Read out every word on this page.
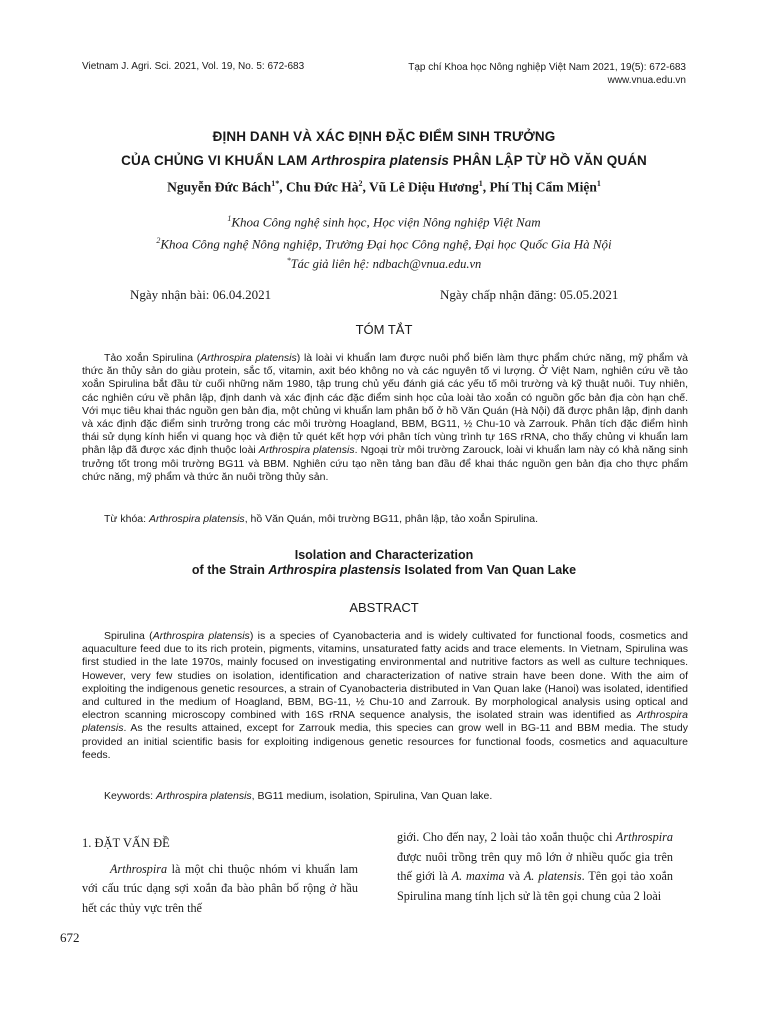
Vietnam J. Agri. Sci. 2021, Vol. 19, No. 5: 672-683	Tạp chí Khoa học Nông nghiệp Việt Nam 2021, 19(5): 672-683
www.vnua.edu.vn
ĐỊNH DANH VÀ XÁC ĐỊNH ĐẶC ĐIỂM SINH TRƯỞNG
CỦA CHỦNG VI KHUẨN LAM Arthrospira platensis PHÂN LẬP TỪ HỒ VĂN QUÁN
Nguyễn Đức Bách$^{1*}$, Chu Đức $Hà^2$, Vũ Lê Diệu Hương$^1$, Phí Thị Cẩm Miện$^1$
$^1$Khoa Công nghệ sinh học, Học viện Nông nghiệp Việt Nam
$^2$Khoa Công nghệ Nông nghiệp, Trường Đại học Công nghệ, Đại học Quốc Gia Hà Nội
*Tác giả liên hệ: ndbach@vnua.edu.vn
Ngày nhận bài: 06.04.2021	Ngày chấp nhận đăng: 05.05.2021
TÓM TẮT

Tảo xoắn Spirulina (Arthrospira platensis) là loài vi khuẩn lam được nuôi phổ biến làm thực phẩm chức năng, mỹ phẩm và thức ăn thủy sản do giàu protein, sắc tố, vitamin, axit béo không no và các nguyên tố vi lượng. Ở Việt Nam, nghiên cứu về tảo xoắn Spirulina bắt đầu từ cuối những năm 1980, tập trung chủ yếu đánh giá các yếu tố môi trường và kỹ thuật nuôi. Tuy nhiên, các nghiên cứu về phân lập, định danh và xác định các đặc điểm sinh học của loài tảo xoắn có nguồn gốc bản địa còn hạn chế. Với mục tiêu khai thác nguồn gen bản địa, một chủng vi khuẩn lam phân bố ở hồ Văn Quán (Hà Nội) đã được phân lập, định danh và xác định đặc điểm sinh trưởng trong các môi trường Hoagland, BBM, BG11, ½ Chu-10 và Zarrouk. Phân tích đặc điểm hình thái sử dụng kính hiển vi quang học và điện tử quét kết hợp với phân tích vùng trình tự 16S rRNA, cho thấy chủng vi khuẩn lam phân lập đã được xác định thuộc loài Arthrospira platensis. Ngoại trừ môi trường Zarouck, loài vi khuẩn lam này có khả năng sinh trưởng tốt trong môi trường BG11 và BBM. Nghiên cứu tạo nền tảng ban đầu để khai thác nguồn gen bản địa cho thực phẩm chức năng, mỹ phẩm và thức ăn nuôi trồng thủy sản.

Từ khóa: Arthrospira platensis, hồ Văn Quán, môi trường BG11, phân lập, tảo xoắn Spirulina.
Isolation and Characterization
of the Strain Arthrospira plastensis Isolated from Van Quan Lake
ABSTRACT

Spirulina (Arthrospira platensis) is a species of Cyanobacteria and is widely cultivated for functional foods, cosmetics and aquaculture feed due to its rich protein, pigments, vitamins, unsaturated fatty acids and trace elements. In Vietnam, Spirulina was first studied in the late 1970s, mainly focused on investigating environmental and nutritive factors as well as culture techniques. However, very few studies on isolation, identification and characterization of native strain have been done. With the aim of exploiting the indigenous genetic resources, a strain of Cyanobacteria distributed in Van Quan lake (Hanoi) was isolated, identified and cultured in the medium of Hoagland, BBM, BG-11, ½ Chu-10 and Zarrouk. By morphological analysis using optical and electron scanning microscopy combined with 16S rRNA sequence analysis, the isolated strain was identified as Arthrospira platensis. As the results attained, except for Zarrouk media, this species can grow well in BG-11 and BBM media. The study provided an initial scientific basis for exploiting indigenous genetic resources for functional foods, cosmetics and aquaculture feeds.

Keywords: Arthrospira platensis, BG11 medium, isolation, Spirulina, Van Quan lake.
1. ĐẶT VẤN ĐỀ

Arthrospira là một chi thuộc nhóm vi khuẩn lam với cấu trúc dạng sợi xoắn đa bào phân bố rộng ở hầu hết các thủy vực trên thế

giới. Cho đến nay, 2 loài tảo xoắn thuộc chi Arthrospira được nuôi trồng trên quy mô lớn ở nhiều quốc gia trên thế giới là A. maxima và A. platensis. Tên gọi tảo xoắn Spirulina mang tính lịch sử là tên gọi chung của 2 loài

672
